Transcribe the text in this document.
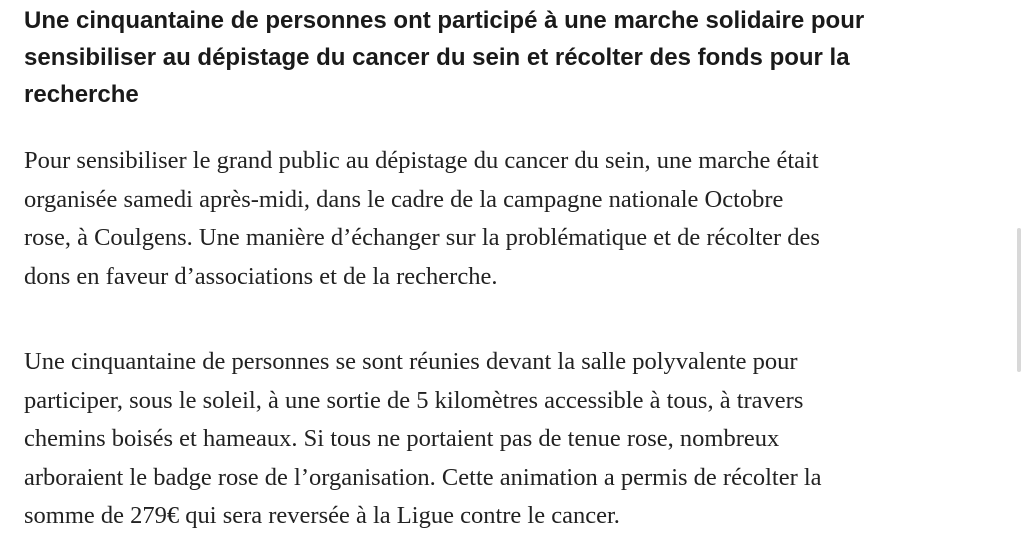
Une cinquantaine de personnes ont participé à une marche solidaire pour
sensibiliser au dépistage du cancer du sein et récolter des fonds pour la
recherche

Pour sensibiliser le grand public au dépistage du cancer du sein, une marche était
organisée samedi après-midi, dans le cadre de la campagne nationale Octobre
rose, à Coulgens. Une manière d’échanger sur la problématique et de récolter des
dons en faveur d’associations et de la recherche.

Une cinquantaine de personnes se sont réunies devant la salle polyvalente pour
participer, sous le soleil, à une sortie de 5 kilomètres accessible à tous, à travers
chemins boisés et hameaux. Si tous ne portaient pas de tenue rose, nombreux
arboraient le badge rose de l’organisation. Cette animation a permis de récolter la
somme de 279€ qui sera reversée à la Ligue contre le cancer.
